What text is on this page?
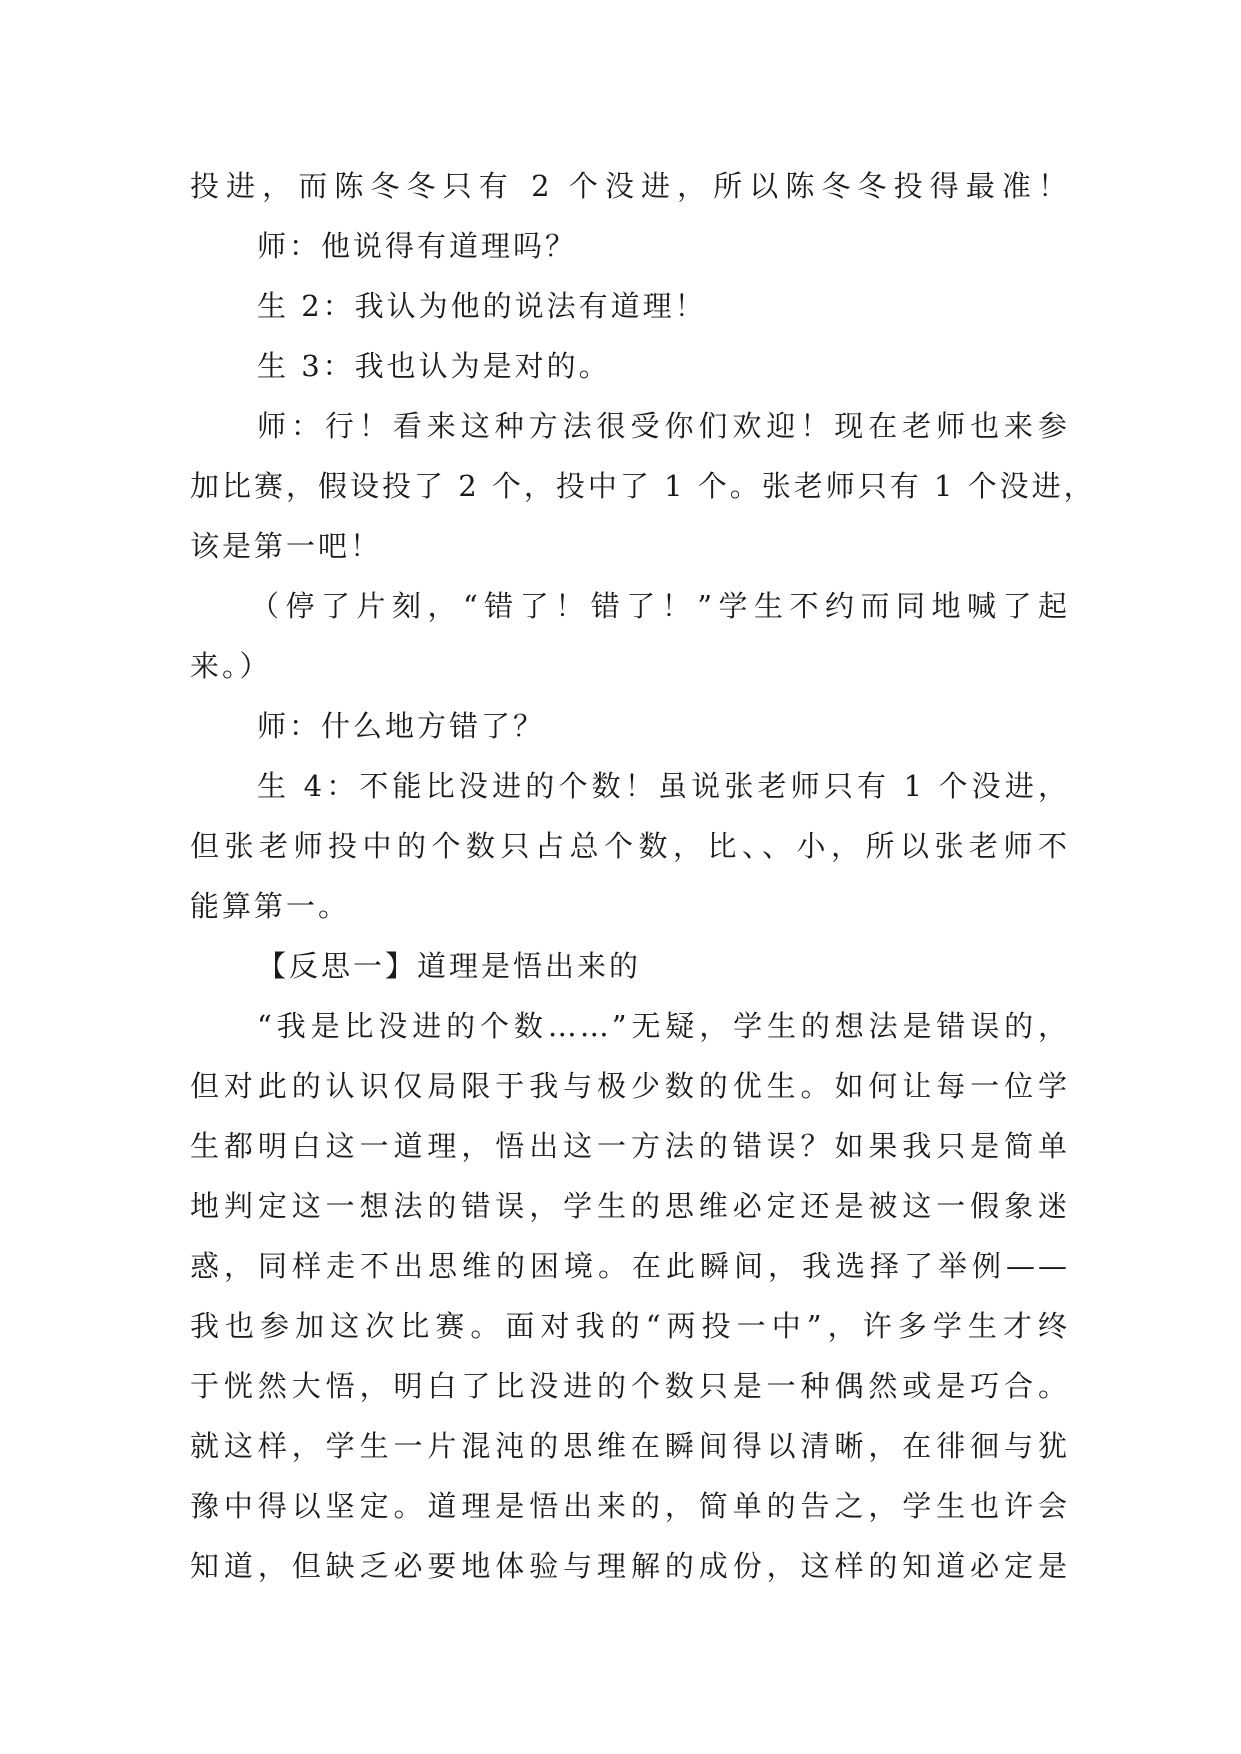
投进，而陈冬冬只有 2 个没进，所以陈冬冬投得最准！
师：他说得有道理吗？
生 2：我认为他的说法有道理！
生 3：我也认为是对的。
师：行！看来这种方法很受你们欢迎！现在老师也来参
加比赛，假设投了 2 个，投中了 1 个。张老师只有 1 个没进，
该是第一吧！
（停了片刻，“错了！错了！”学生不约而同地喊了起
来。）
师：什么地方错了？
生 4：不能比没进的个数！虽说张老师只有 1 个没进，
但张老师投中的个数只占总个数，比、、小，所以张老师不
能算第一。
【反思一】道理是悟出来的
“我是比没进的个数……”无疑，学生的想法是错误的，
但对此的认识仅局限于我与极少数的优生。如何让每一位学
生都明白这一道理，悟出这一方法的错误？如果我只是简单
地判定这一想法的错误，学生的思维必定还是被这一假象迷
惑，同样走不出思维的困境。在此瞬间，我选择了举例——
我也参加这次比赛。面对我的“两投一中”，许多学生才终
于恍然大悟，明白了比没进的个数只是一种偶然或是巧合。
就这样，学生一片混沌的思维在瞬间得以清晰，在徘徊与犹
豫中得以坚定。道理是悟出来的，简单的告之，学生也许会
知道，但缺乏必要地体验与理解的成份，这样的知道必定是
